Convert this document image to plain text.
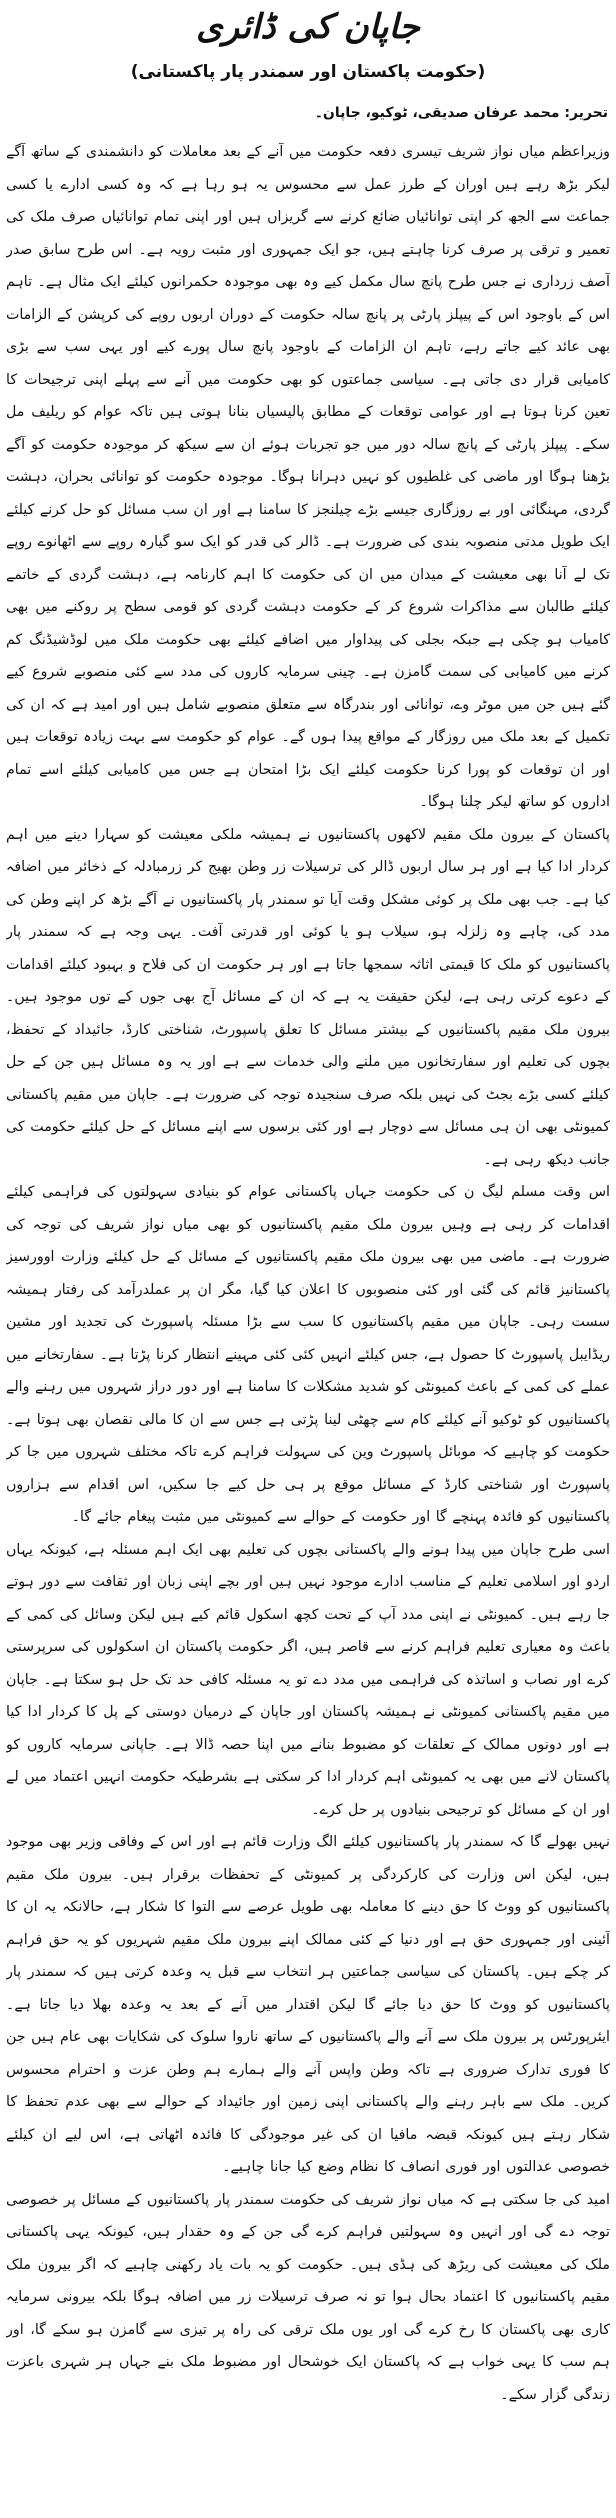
جاپان کی ڈائری
(حکومت پاکستان اور سمندر پار پاکستانی)
تحریر: محمد عرفان صدیقی، ٹوکیو، جاپان۔

وزیراعظم میاں نواز شریف تیسری دفعہ حکومت میں آنے کے بعد معاملات کو دانشمندی کے ساتھ آگے لیکر بڑھ رہے ہیں اوران کے طرز عمل سے محسوس یہ ہو رہا ہے کہ وہ کسی ادارے یا کسی جماعت سے الجھ کر اپنی توانائیاں ضائع کرنے سے گریزاں ہیں اور اپنی تمام توانائیاں صرف ملک کی تعمیر و ترقی پر صرف کرنا چاہتے ہیں، جو ایک جمہوری اور مثبت رویہ ہے۔ اس طرح سابق صدر آصف زرداری نے جس طرح پانچ سال مکمل کیے وہ بھی موجودہ حکمرانوں کیلئے ایک مثال ہے۔ تاہم اس کے باوجود اس کے پیپلز پارٹی پر پانچ سالہ حکومت کے دوران اربوں روپے کی کرپشن کے الزامات بھی عائد کیے جاتے رہے، تاہم ان الزامات کے باوجود پانچ سال پورے کیے اور یہی سب سے بڑی کامیابی قرار دی جاتی ہے۔ سیاسی جماعتوں کو بھی حکومت میں آنے سے پہلے اپنی ترجیحات کا تعین کرنا ہوتا ہے اور عوامی توقعات کے مطابق پالیسیاں بنانا ہوتی ہیں تاکہ عوام کو ریلیف مل سکے۔ پیپلز پارٹی کے پانچ سالہ دور میں جو تجربات ہوئے ان سے سیکھ کر موجودہ حکومت کو آگے بڑھنا ہوگا اور ماضی کی غلطیوں کو نہیں دہرانا ہوگا۔ موجودہ حکومت کو توانائی بحران، دہشت گردی، مہنگائی اور بے روزگاری جیسے بڑے چیلنجز کا سامنا ہے اور ان سب مسائل کو حل کرنے کیلئے ایک طویل مدتی منصوبہ بندی کی ضرورت ہے۔ ڈالر کی قدر کو ایک سو گیارہ روپے سے اٹھانوے روپے تک لے آنا بھی معیشت کے میدان میں ان کی حکومت کا اہم کارنامہ ہے، دہشت گردی کے خاتمے کیلئے طالبان سے مذاکرات شروع کر کے حکومت دہشت گردی کو قومی سطح پر روکنے میں بھی کامیاب ہو چکی ہے جبکہ بجلی کی پیداوار میں اضافے کیلئے بھی حکومت ملک میں لوڈشیڈنگ کم کرنے میں کامیابی کی سمت گامزن ہے۔ چینی سرمایہ کاروں کی مدد سے کئی منصوبے شروع کیے گئے ہیں جن میں موٹر وے، توانائی اور بندرگاہ سے متعلق منصوبے شامل ہیں اور امید ہے کہ ان کی تکمیل کے بعد ملک میں روزگار کے مواقع پیدا ہوں گے۔ عوام کو حکومت سے بہت زیادہ توقعات ہیں اور ان توقعات کو پورا کرنا حکومت کیلئے ایک بڑا امتحان ہے جس میں کامیابی کیلئے اسے تمام اداروں کو ساتھ لیکر چلنا ہوگا۔

پاکستان کے بیرون ملک مقیم لاکھوں پاکستانیوں نے ہمیشہ ملکی معیشت کو سہارا دینے میں اہم کردار ادا کیا ہے اور ہر سال اربوں ڈالر کی ترسیلات زر وطن بھیج کر زرمبادلہ کے ذخائر میں اضافہ کیا ہے۔ جب بھی ملک پر کوئی مشکل وقت آیا تو سمندر پار پاکستانیوں نے آگے بڑھ کر اپنے وطن کی مدد کی، چاہے وہ زلزلہ ہو، سیلاب ہو یا کوئی اور قدرتی آفت۔ یہی وجہ ہے کہ سمندر پار پاکستانیوں کو ملک کا قیمتی اثاثہ سمجھا جاتا ہے اور ہر حکومت ان کی فلاح و بہبود کیلئے اقدامات کے دعوے کرتی رہی ہے، لیکن حقیقت یہ ہے کہ ان کے مسائل آج بھی جوں کے توں موجود ہیں۔ بیرون ملک مقیم پاکستانیوں کے بیشتر مسائل کا تعلق پاسپورٹ، شناختی کارڈ، جائیداد کے تحفظ، بچوں کی تعلیم اور سفارتخانوں میں ملنے والی خدمات سے ہے اور یہ وہ مسائل ہیں جن کے حل کیلئے کسی بڑے بجٹ کی نہیں بلکہ صرف سنجیدہ توجہ کی ضرورت ہے۔ جاپان میں مقیم پاکستانی کمیونٹی بھی ان ہی مسائل سے دوچار ہے اور کئی برسوں سے اپنے مسائل کے حل کیلئے حکومت کی جانب دیکھ رہی ہے۔

اس وقت مسلم لیگ ن کی حکومت جہاں پاکستانی عوام کو بنیادی سہولتوں کی فراہمی کیلئے اقدامات کر رہی ہے وہیں بیرون ملک مقیم پاکستانیوں کو بھی میاں نواز شریف کی توجہ کی ضرورت ہے۔ ماضی میں بھی بیرون ملک مقیم پاکستانیوں کے مسائل کے حل کیلئے وزارت اوورسیز پاکستانیز قائم کی گئی اور کئی منصوبوں کا اعلان کیا گیا، مگر ان پر عملدرآمد کی رفتار ہمیشہ سست رہی۔ جاپان میں مقیم پاکستانیوں کا سب سے بڑا مسئلہ پاسپورٹ کی تجدید اور مشین ریڈایبل پاسپورٹ کا حصول ہے، جس کیلئے انہیں کئی کئی مہینے انتظار کرنا پڑتا ہے۔ سفارتخانے میں عملے کی کمی کے باعث کمیونٹی کو شدید مشکلات کا سامنا ہے اور دور دراز شہروں میں رہنے والے پاکستانیوں کو ٹوکیو آنے کیلئے کام سے چھٹی لینا پڑتی ہے جس سے ان کا مالی نقصان بھی ہوتا ہے۔ حکومت کو چاہیے کہ موبائل پاسپورٹ وین کی سہولت فراہم کرے تاکہ مختلف شہروں میں جا کر پاسپورٹ اور شناختی کارڈ کے مسائل موقع پر ہی حل کیے جا سکیں، اس اقدام سے ہزاروں پاکستانیوں کو فائدہ پہنچے گا اور حکومت کے حوالے سے کمیونٹی میں مثبت پیغام جائے گا۔

اسی طرح جاپان میں پیدا ہونے والے پاکستانی بچوں کی تعلیم بھی ایک اہم مسئلہ ہے، کیونکہ یہاں اردو اور اسلامی تعلیم کے مناسب ادارے موجود نہیں ہیں اور بچے اپنی زبان اور ثقافت سے دور ہوتے جا رہے ہیں۔ کمیونٹی نے اپنی مدد آپ کے تحت کچھ اسکول قائم کیے ہیں لیکن وسائل کی کمی کے باعث وہ معیاری تعلیم فراہم کرنے سے قاصر ہیں، اگر حکومت پاکستان ان اسکولوں کی سرپرستی کرے اور نصاب و اساتذہ کی فراہمی میں مدد دے تو یہ مسئلہ کافی حد تک حل ہو سکتا ہے۔ جاپان میں مقیم پاکستانی کمیونٹی نے ہمیشہ پاکستان اور جاپان کے درمیان دوستی کے پل کا کردار ادا کیا ہے اور دونوں ممالک کے تعلقات کو مضبوط بنانے میں اپنا حصہ ڈالا ہے۔ جاپانی سرمایہ کاروں کو پاکستان لانے میں بھی یہ کمیونٹی اہم کردار ادا کر سکتی ہے بشرطیکہ حکومت انہیں اعتماد میں لے اور ان کے مسائل کو ترجیحی بنیادوں پر حل کرے۔

نہیں بھولے گا کہ سمندر پار پاکستانیوں کیلئے الگ وزارت قائم ہے اور اس کے وفاقی وزیر بھی موجود ہیں، لیکن اس وزارت کی کارکردگی پر کمیونٹی کے تحفظات برقرار ہیں۔ بیرون ملک مقیم پاکستانیوں کو ووٹ کا حق دینے کا معاملہ بھی طویل عرصے سے التوا کا شکار ہے، حالانکہ یہ ان کا آئینی اور جمہوری حق ہے اور دنیا کے کئی ممالک اپنے بیرون ملک مقیم شہریوں کو یہ حق فراہم کر چکے ہیں۔ پاکستان کی سیاسی جماعتیں ہر انتخاب سے قبل یہ وعدہ کرتی ہیں کہ سمندر پار پاکستانیوں کو ووٹ کا حق دیا جائے گا لیکن اقتدار میں آنے کے بعد یہ وعدہ بھلا دیا جاتا ہے۔ ایئرپورٹس پر بیرون ملک سے آنے والے پاکستانیوں کے ساتھ ناروا سلوک کی شکایات بھی عام ہیں جن کا فوری تدارک ضروری ہے تاکہ وطن واپس آنے والے ہمارے ہم وطن عزت و احترام محسوس کریں۔ ملک سے باہر رہنے والے پاکستانی اپنی زمین اور جائیداد کے حوالے سے بھی عدم تحفظ کا شکار رہتے ہیں کیونکہ قبضہ مافیا ان کی غیر موجودگی کا فائدہ اٹھاتی ہے، اس لیے ان کیلئے خصوصی عدالتوں اور فوری انصاف کا نظام وضع کیا جانا چاہیے۔

امید کی جا سکتی ہے کہ میاں نواز شریف کی حکومت سمندر پار پاکستانیوں کے مسائل پر خصوصی توجہ دے گی اور انہیں وہ سہولتیں فراہم کرے گی جن کے وہ حقدار ہیں، کیونکہ یہی پاکستانی ملک کی معیشت کی ریڑھ کی ہڈی ہیں۔ حکومت کو یہ بات یاد رکھنی چاہیے کہ اگر بیرون ملک مقیم پاکستانیوں کا اعتماد بحال ہوا تو نہ صرف ترسیلات زر میں اضافہ ہوگا بلکہ بیرونی سرمایہ کاری بھی پاکستان کا رخ کرے گی اور یوں ملک ترقی کی راہ پر تیزی سے گامزن ہو سکے گا، اور ہم سب کا یہی خواب ہے کہ پاکستان ایک خوشحال اور مضبوط ملک بنے جہاں ہر شہری باعزت زندگی گزار سکے۔
